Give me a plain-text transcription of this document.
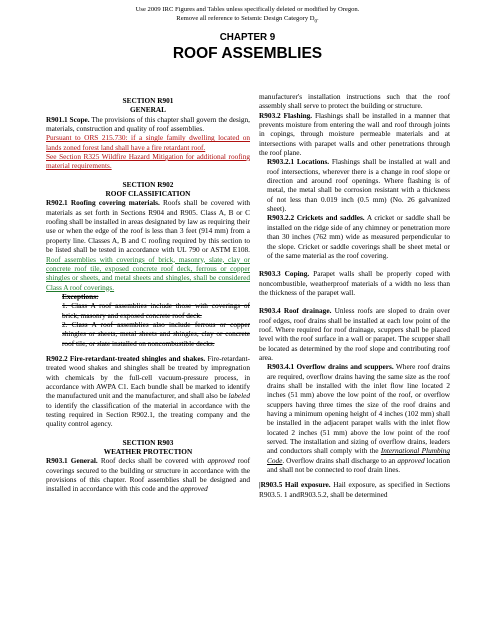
Use 2009 IRC Figures and Tables unless specifically deleted or modified by Oregon.
Remove all reference to Seismic Design Category $D_0$.
CHAPTER 9
ROOF ASSEMBLIES

SECTION R901

GENERAL

R901.1 Scope. The provisions of this chapter shall govern the design, materials, construction and quality of roof assemblies.

Pursuant to ORS 215.730: if a single family dwelling located on lands zoned forest land shall have a fire retardant roof.

See Section R325 Wildfire Hazard Mitigation for additional roofing material requirements.

SECTION R902

ROOF CLASSIFICATION

R902.1 Roofing covering materials. Roofs shall be covered with materials as set forth in Sections R904 and R905. Class A, B or C roofing shall be installed in areas designated by law as requiring their use or when the edge of the roof is less than 3 feet (914 mm) from a property line. Classes A, B and C roofing required by this section to be listed shall be tested in accordance with UL 790 or ASTM E108. Roof assemblies with coverings of brick, masonry, slate, clay or concrete roof tile, exposed concrete roof deck, ferrous or copper shingles or sheets, and metal sheets and shingles, shall be considered Class A roof coverings.

Exceptions:

1. Class A roof assemblies include those with coverings of brick, masonry and exposed concrete roof deck.

2. Class A roof assemblies also include ferrous or copper shingles or sheets, metal sheets and shingles, clay or concrete roof tile, or slate installed on noncombustible decks.

R902.2 Fire-retardant-treated shingles and shakes. Fire-retardant-treated wood shakes and shingles shall be treated by impregnation with chemicals by the full-cell vacuum-pressure process, in accordance with AWPA C1. Each bundle shall be marked to identify the manufactured unit and the manufacturer, and shall also be labeled to identify the classification of the material in accordance with the testing required in Section R902.1, the treating company and the quality control agency.

SECTION R903

WEATHER PROTECTION

R903.1 General. Roof decks shall be covered with approved roof coverings secured to the building or structure in accordance with the provisions of this chapter. Roof assemblies shall be designed and installed in accordance with this code and the approved

manufacturer's installation instructions such that the roof assembly shall serve to protect the building or structure.

R903.2 Flashing. Flashings shall be installed in a manner that prevents moisture from entering the wall and roof through joints in copings, through moisture permeable materials and at intersections with parapet walls and other penetrations through the roof plane.

R903.2.1 Locations. Flashings shall be installed at wall and roof intersections, wherever there is a change in roof slope or direction and around roof openings. Where flashing is of metal, the metal shall be corrosion resistant with a thickness of not less than 0.019 inch (0.5 mm) (No. 26 galvanized sheet).

R903.2.2 Crickets and saddles. A cricket or saddle shall be installed on the ridge side of any chimney or penetration more than 30 inches (762 mm) wide as measured perpendicular to the slope. Cricket or saddle coverings shall be sheet metal or of the same material as the roof covering.

R903.3 Coping. Parapet walls shall be properly coped with noncombustible, weatherproof materials of a width no less than the thickness of the parapet wall.

R903.4 Roof drainage. Unless roofs are sloped to drain over roof edges, roof drains shall be installed at each low point of the roof. Where required for roof drainage, scuppers shall be placed level with the roof surface in a wall or parapet. The scupper shall be located as determined by the roof slope and contributing roof area.

R903.4.1 Overflow drains and scuppers. Where roof drains are required, overflow drains having the same size as the roof drains shall be installed with the inlet flow line located 2 inches (51 mm) above the low point of the roof, or overflow scuppers having three times the size of the roof drains and having a minimum opening height of 4 inches (102 mm) shall be installed in the adjacent parapet walls with the inlet flow located 2 inches (51 mm) above the low point of the roof served. The installation and sizing of overflow drains, leaders and conductors shall comply with the International Plumbing Code. Overflow drains shall discharge to an approved location and shall not be connected to roof drain lines.

|R903.5 Hail exposure. Hail exposure, as specified in Sections R903.5. 1 andR903.5.2, shall be determined
